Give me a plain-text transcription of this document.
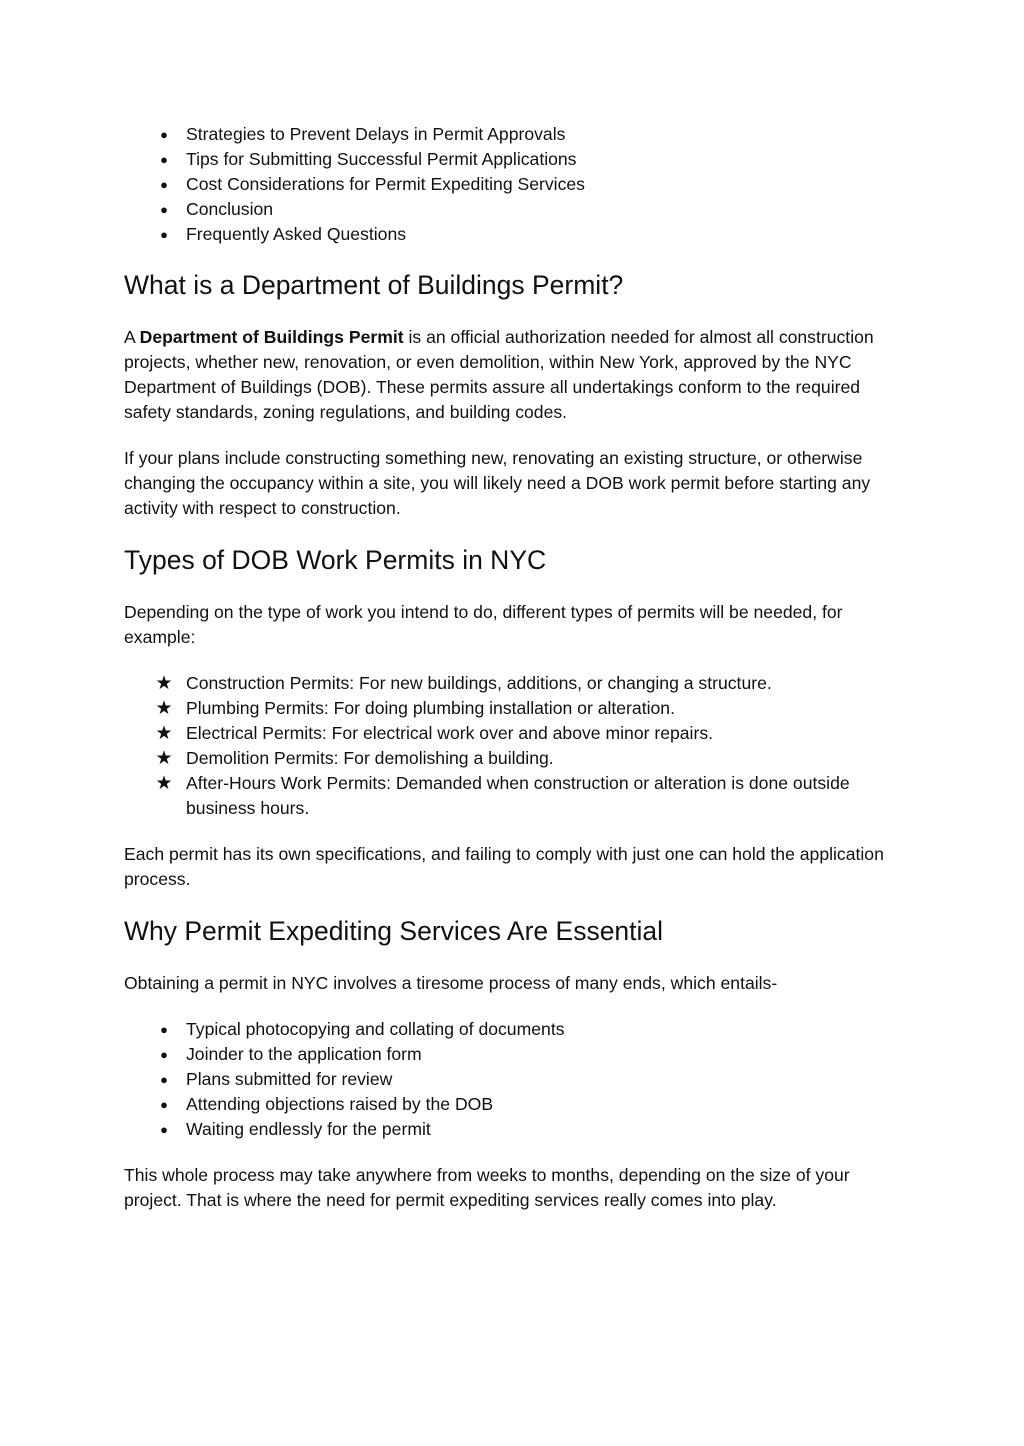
●	Strategies to Prevent Delays in Permit Approvals
●	Tips for Submitting Successful Permit Applications
●	Cost Considerations for Permit Expediting Services
●	Conclusion
●	Frequently Asked Questions
What is a Department of Buildings Permit?

A Department of Buildings Permit is an official authorization needed for almost all construction projects, whether new, renovation, or even demolition, within New York, approved by the NYC Department of Buildings (DOB). These permits assure all undertakings conform to the required safety standards, zoning regulations, and building codes.

If your plans include constructing something new, renovating an existing structure, or otherwise changing the occupancy within a site, you will likely need a DOB work permit before starting any activity with respect to construction.

Types of DOB Work Permits in NYC

Depending on the type of work you intend to do, different types of permits will be needed, for example:

★ Construction Permits: For new buildings, additions, or changing a structure.
★ Plumbing Permits: For doing plumbing installation or alteration.
★ Electrical Permits: For electrical work over and above minor repairs.
★ Demolition Permits: For demolishing a building.
★ After-Hours Work Permits: Demanded when construction or alteration is done outside business hours.

Each permit has its own specifications, and failing to comply with just one can hold the application process.

Why Permit Expediting Services Are Essential

Obtaining a permit in NYC involves a tiresome process of many ends, which entails-

●	Typical photocopying and collating of documents
●	Joinder to the application form
●	Plans submitted for review
●	Attending objections raised by the DOB
●	Waiting endlessly for the permit

This whole process may take anywhere from weeks to months, depending on the size of your project. That is where the need for permit expediting services really comes into play.
